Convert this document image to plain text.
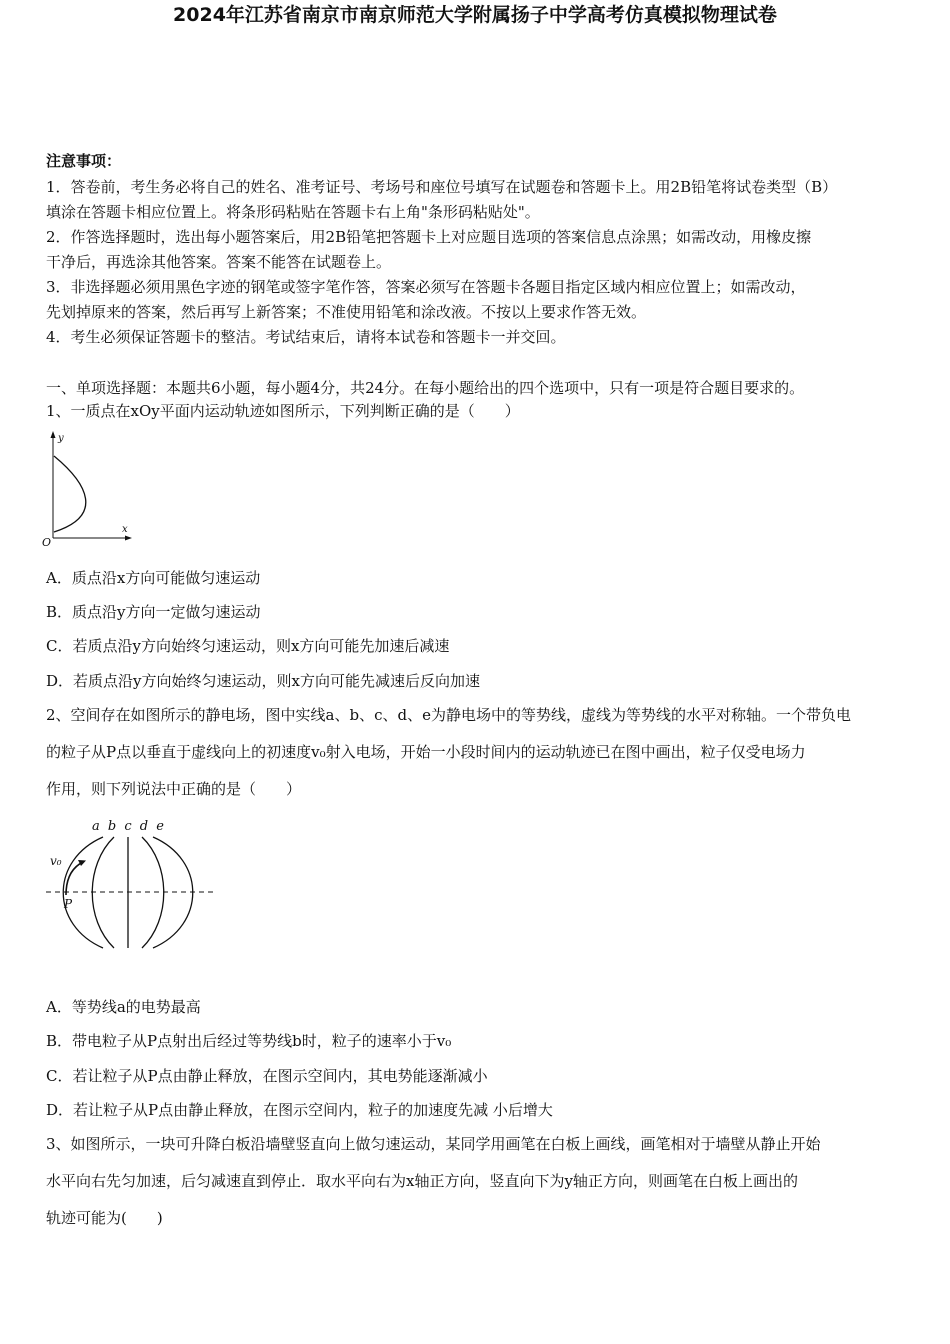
2024年江苏省南京市南京师范大学附属扬子中学高考仿真模拟物理试卷
注意事项：
1．答卷前，考生务必将自己的姓名、准考证号、考场号和座位号填写在试题卷和答题卡上。用2B铅笔将试卷类型（B）
填涂在答题卡相应位置上。将条形码粘贴在答题卡右上角"条形码粘贴处"。
2．作答选择题时，选出每小题答案后，用2B铅笔把答题卡上对应题目选项的答案信息点涂黑；如需改动，用橡皮擦
干净后，再选涂其他答案。答案不能答在试题卷上。
3．非选择题必须用黑色字迹的钢笔或签字笔作答，答案必须写在答题卡各题目指定区域内相应位置上；如需改动，
先划掉原来的答案，然后再写上新答案；不准使用铅笔和涂改液。不按以上要求作答无效。
4．考生必须保证答题卡的整洁。考试结束后，请将本试卷和答题卡一并交回。
一、单项选择题：本题共6小题，每小题4分，共24分。在每小题给出的四个选项中，只有一项是符合题目要求的。
1、一质点在xOy平面内运动轨迹如图所示，下列判断正确的是（　　）
y
x
O
A．质点沿x方向可能做匀速运动
B．质点沿y方向一定做匀速运动
C．若质点沿y方向始终匀速运动，则x方向可能先加速后减速
D．若质点沿y方向始终匀速运动，则x方向可能先减速后反向加速
2、空间存在如图所示的静电场，图中实线a、b、c、d、e为静电场中的等势线，虚线为等势线的水平对称轴。一个带负电
的粒子从P点以垂直于虚线向上的初速度v₀射入电场，开始一小段时间内的运动轨迹已在图中画出，粒子仅受电场力
作用，则下列说法中正确的是（　　）
a b c d e
v₀
P
A．等势线a的电势最高
B．带电粒子从P点射出后经过等势线b时，粒子的速率小于v₀
C．若让粒子从P点由静止释放，在图示空间内，其电势能逐渐减小
D．若让粒子从P点由静止释放，在图示空间内，粒子的加速度先减 小后增大
3、如图所示，一块可升降白板沿墙壁竖直向上做匀速运动，某同学用画笔在白板上画线，画笔相对于墙壁从静止开始
水平向右先匀加速，后匀减速直到停止．取水平向右为x轴正方向，竖直向下为y轴正方向，则画笔在白板上画出的
轨迹可能为(　　)
